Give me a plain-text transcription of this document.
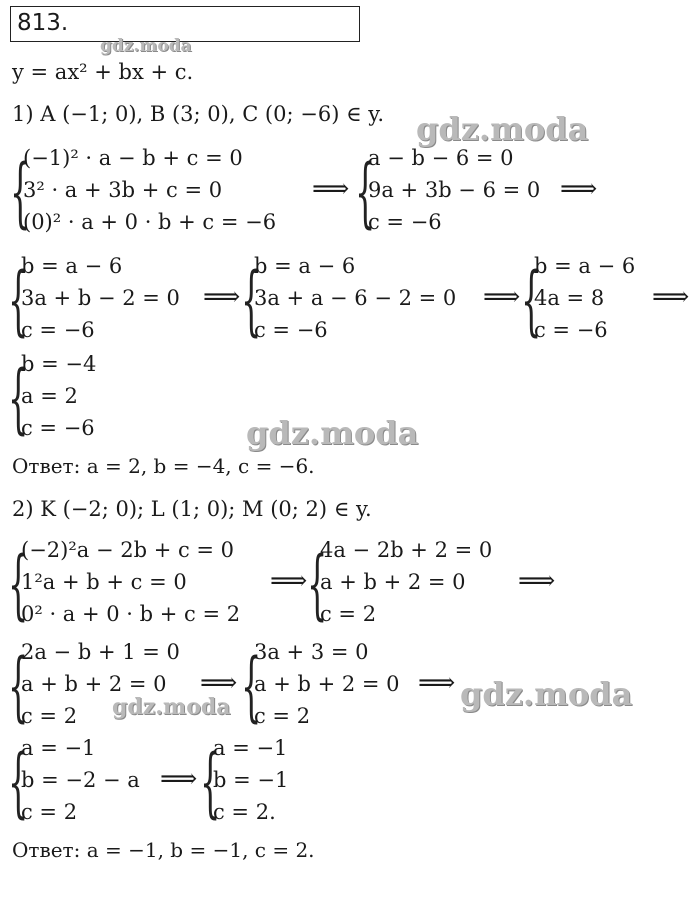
813.
y = ax² + bx + c.
1) A (−1; 0), B (3; 0), C (0; −6) ∈ y.
{
(−1)² · a − b + c = 0
3² · a + 3b + c = 0
(0)² · a + 0 · b + c = −6
⟹ {
a − b − 6 = 0
9a + 3b − 6 = 0
c = −6
⟹
{
b = a − 6
3a + b − 2 = 0
c = −6
⟹ {
b = a − 6
3a + a − 6 − 2 = 0
c = −6
⟹ {
b = a − 6
4a = 8
c = −6
⟹
{
b = −4
a = 2
c = −6
Ответ: a = 2, b = −4, c = −6.
2) K (−2; 0); L (1; 0); M (0; 2) ∈ y.
{
(−2)²a − 2b + c = 0
1²a + b + c = 0
0² · a + 0 · b + c = 2
⟹ {
4a − 2b + 2 = 0
a + b + 2 = 0
c = 2
⟹
{
2a − b + 1 = 0
a + b + 2 = 0
c = 2
⟹ {
3a + 3 = 0
a + b + 2 = 0
c = 2
⟹
{
a = −1
b = −2 − a
c = 2
⟹ {
a = −1
b = −1
c = 2.
Ответ: a = −1, b = −1, c = 2.
gdz.moda
gdz.moda
gdz.moda
gdz.moda
gdz.moda
